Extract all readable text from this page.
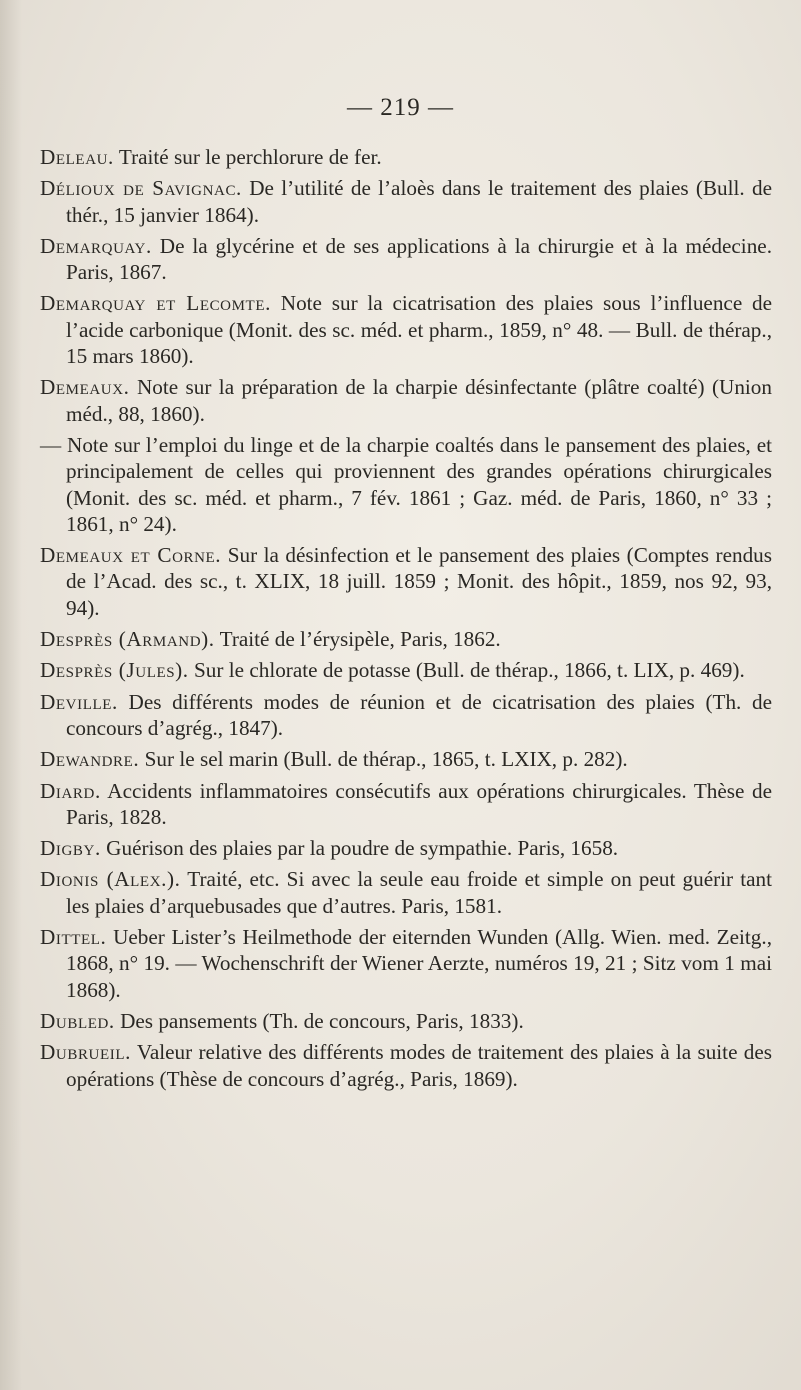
— 219 —

Deleau. Traité sur le perchlorure de fer.

Délioux de Savignac. De l’utilité de l’aloès dans le traitement des plaies (Bull. de thér., 15 janvier 1864).

Demarquay. De la glycérine et de ses applications à la chirurgie et à la médecine. Paris, 1867.

Demarquay et Lecomte. Note sur la cicatrisation des plaies sous l’influence de l’acide carbonique (Monit. des sc. méd. et pharm., 1859, n° 48. — Bull. de thérap., 15 mars 1860).

Demeaux. Note sur la préparation de la charpie désinfectante (plâtre coalté) (Union méd., 88, 1860).

— Note sur l’emploi du linge et de la charpie coaltés dans le pansement des plaies, et principalement de celles qui proviennent des grandes opérations chirurgicales (Monit. des sc. méd. et pharm., 7 fév. 1861 ; Gaz. méd. de Paris, 1860, n° 33 ; 1861, n° 24).

Demeaux et Corne. Sur la désinfection et le pansement des plaies (Comptes rendus de l’Acad. des sc., t. XLIX, 18 juill. 1859 ; Monit. des hôpit., 1859, nos 92, 93, 94).

Desprès (Armand). Traité de l’érysipèle, Paris, 1862.

Desprès (Jules). Sur le chlorate de potasse (Bull. de thérap., 1866, t. LIX, p. 469).

Deville. Des différents modes de réunion et de cicatrisation des plaies (Th. de concours d’agrég., 1847).

Dewandre. Sur le sel marin (Bull. de thérap., 1865, t. LXIX, p. 282).

Diard. Accidents inflammatoires consécutifs aux opérations chirurgicales. Thèse de Paris, 1828.

Digby. Guérison des plaies par la poudre de sympathie. Paris, 1658.

Dionis (Alex.). Traité, etc. Si avec la seule eau froide et simple on peut guérir tant les plaies d’arquebusades que d’autres. Paris, 1581.

Dittel. Ueber Lister’s Heilmethode der eiternden Wunden (Allg. Wien. med. Zeitg., 1868, n° 19. — Wochenschrift der Wiener Aerzte, numéros 19, 21 ; Sitz vom 1 mai 1868).

Dubled. Des pansements (Th. de concours, Paris, 1833).

Dubrueil. Valeur relative des différents modes de traitement des plaies à la suite des opérations (Thèse de concours d’agrég., Paris, 1869).
